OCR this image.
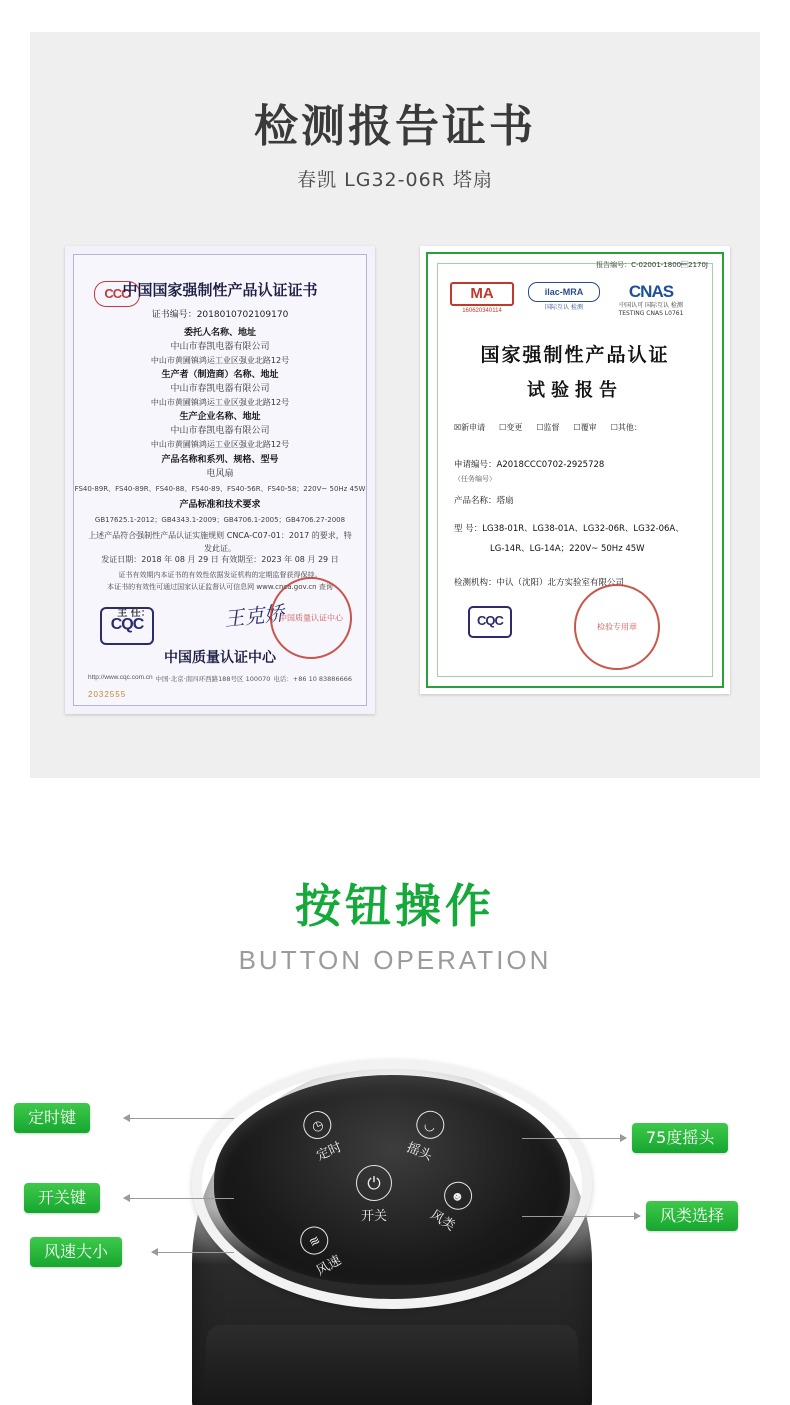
检测报告证书
春凯 LG32-06R 塔扇
CCC
中国国家强制性产品认证证书
证书编号：2018010702109170
委托人名称、地址
中山市春凯电器有限公司
中山市黄圃镇鸿运工业区强业北路12号
生产者（制造商）名称、地址
中山市春凯电器有限公司
中山市黄圃镇鸿运工业区强业北路12号
生产企业名称、地址
中山市春凯电器有限公司
中山市黄圃镇鸿运工业区强业北路12号
产品名称和系列、规格、型号
电风扇
FS40-89R、FS40-89R、FS40-88、FS40-89、FS40-56R、FS40-58；220V~ 50Hz 45W
产品标准和技术要求
GB17625.1-2012；GB4343.1-2009；GB4706.1-2005；GB4706.27-2008
上述产品符合强制性产品认证实施规则 CNCA-C07-01：2017 的要求，特发此证。
发证日期：2018 年 08 月 29 日 有效期至：2023 年 08 月 29 日
证书有效期内本证书的有效性依据发证机构的定期监督获得保持。
本证书的有效性可通过国家认证监督认可信息网 www.cnca.gov.cn 查询
CQC
主 任：	王克娇
中国质量认证中心
中国质量认证中心
http://www.cqc.com.cn 中国·北京·南四环西路188号区 100070 电话：+86 10 83886666
2032555
报告编号：C-02001-18002170J
MA
160620340114
ilac-MRA
国际互认 检测
CNAS
中国认可 国际互认 检测 TESTING CNAS L0761
国家强制性产品认证
试验报告
☒新申请 ☐变更 ☐监督 ☐覆审 ☐其他：
申请编号：A2018CCC0702-2925728
（任务编号）
产品名称：塔扇
型 号：LG38-01R、LG38-01A、LG32-06R、LG32-06A、
LG-14R、LG-14A；220V~ 50Hz 45W
检测机构：中认（沈阳）北方实验室有限公司
CQC	检验专用章
按钮操作
BUTTON OPERATION
◷
定时
◡
摇头
⏻
开关
☻
风类
≋
风速
定时键
开关键
风速大小
75度摇头
风类选择
